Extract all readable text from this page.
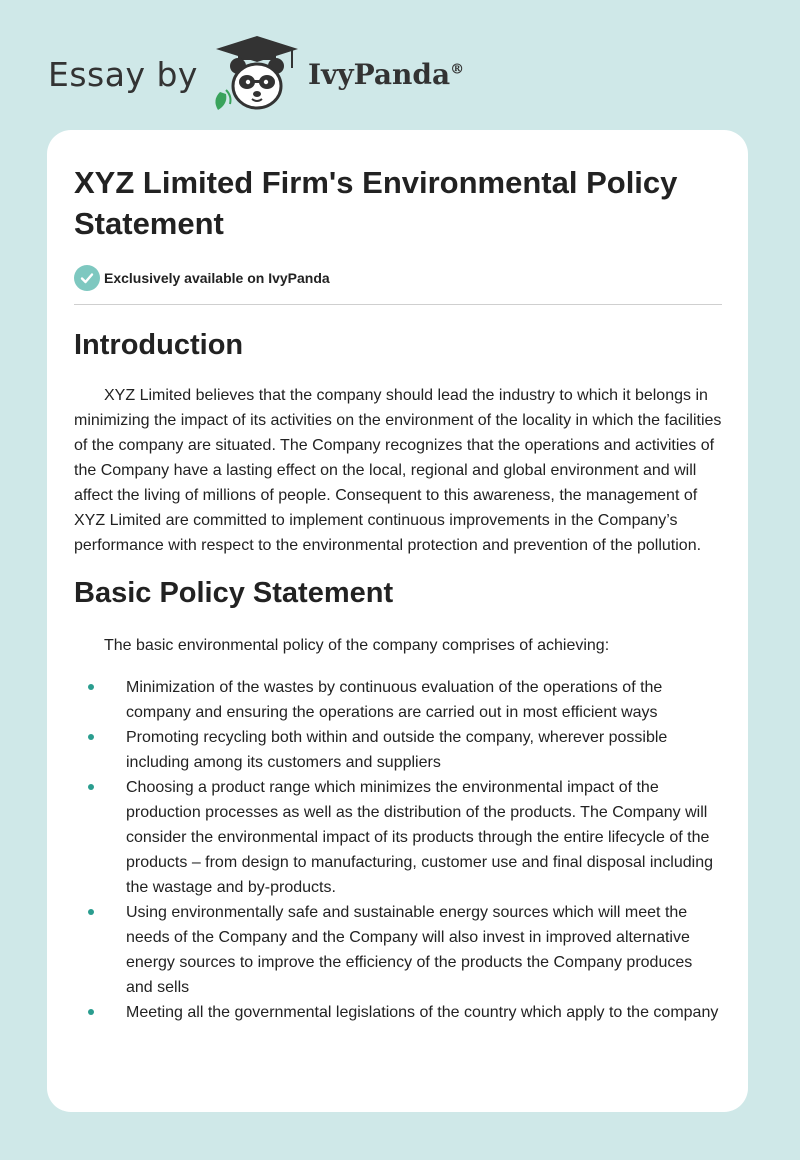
Essay by	IvyPanda®
XYZ Limited Firm's Environmental Policy Statement
Exclusively available on IvyPanda
Introduction

XYZ Limited believes that the company should lead the industry to which it belongs in minimizing the impact of its activities on the environment of the locality in which the facilities of the company are situated. The Company recognizes that the operations and activities of the Company have a lasting effect on the local, regional and global environment and will affect the living of millions of people. Consequent to this awareness, the management of XYZ Limited are committed to implement continuous improvements in the Company’s performance with respect to the environmental protection and prevention of the pollution.

Basic Policy Statement

The basic environmental policy of the company comprises of achieving:

Minimization of the wastes by continuous evaluation of the operations of the company and ensuring the operations are carried out in most efficient ways
Promoting recycling both within and outside the company, wherever possible including among its customers and suppliers
Choosing a product range which minimizes the environmental impact of the production processes as well as the distribution of the products. The Company will consider the environmental impact of its products through the entire lifecycle of the products – from design to manufacturing, customer use and final disposal including the wastage and by-products.
Using environmentally safe and sustainable energy sources which will meet the needs of the Company and the Company will also invest in improved alternative energy sources to improve the efficiency of the products the Company produces and sells
Meeting all the governmental legislations of the country which apply to the company
